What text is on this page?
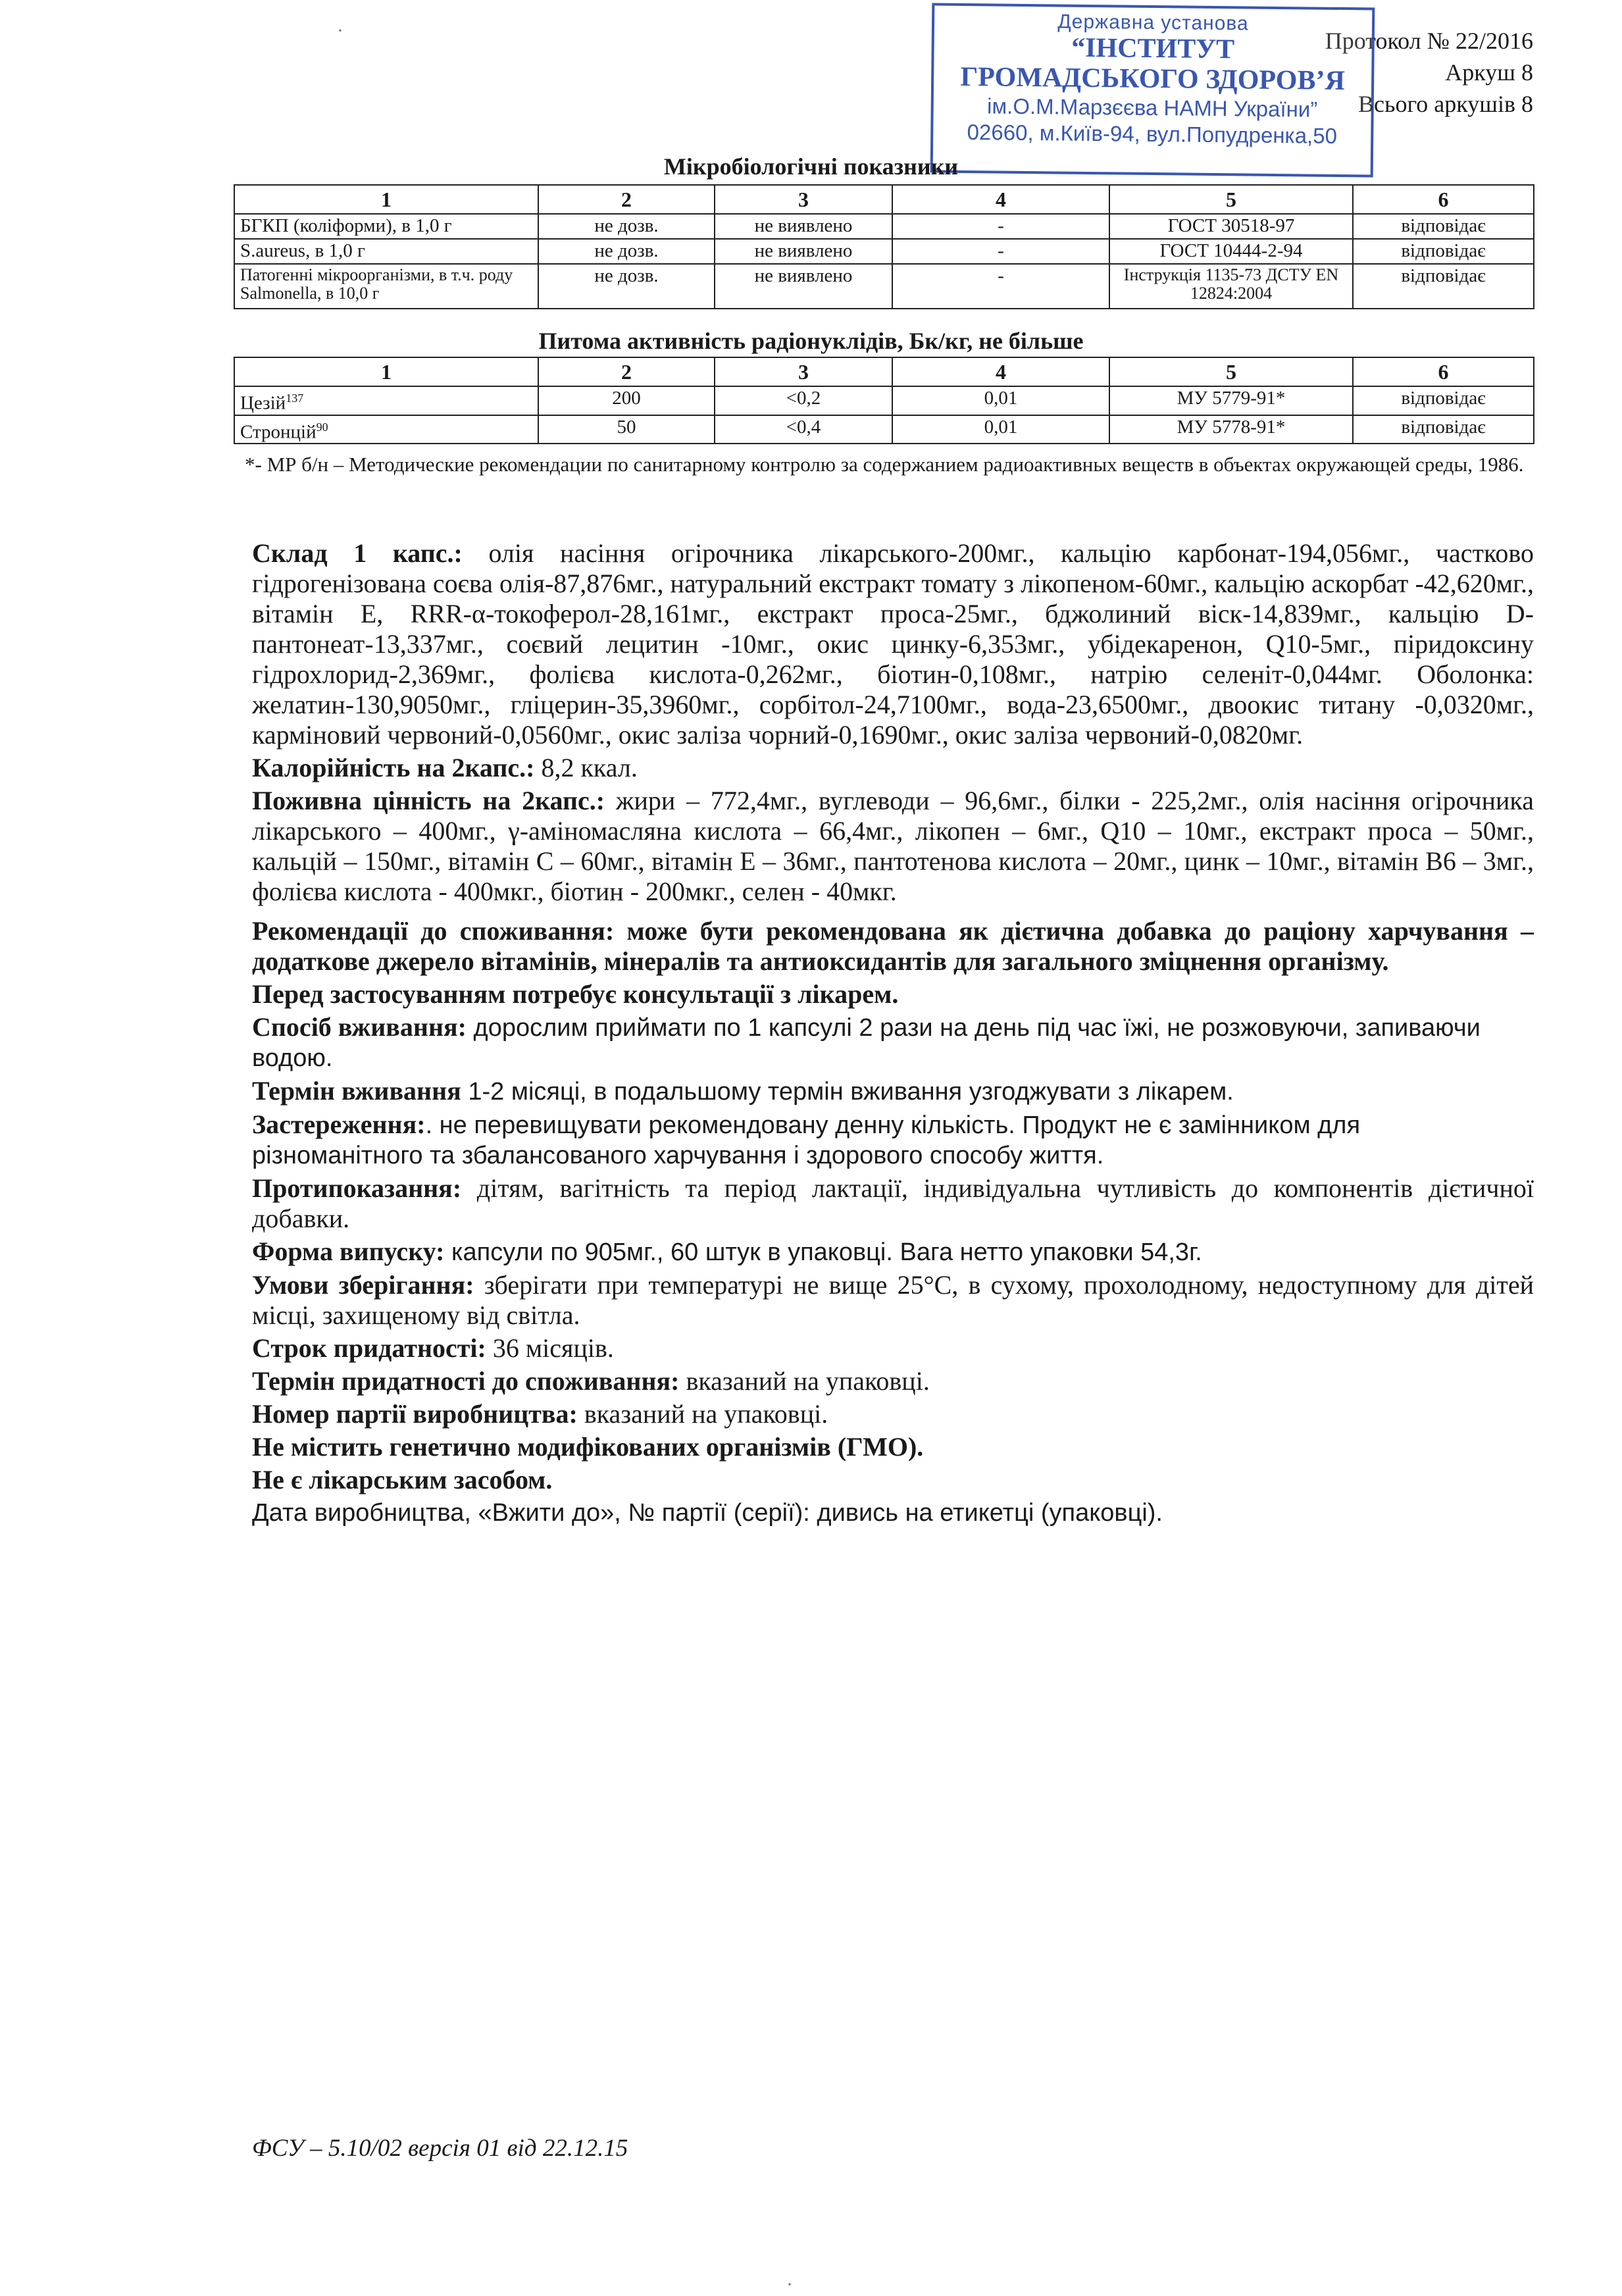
Протокол № 22/2016
Аркуш 8
Всього аркушів 8
Державна установа
“ІНСТИТУТ
ГРОМАДСЬКОГО ЗДОРОВ’Я
ім.О.М.Марзєєва НАМН України”
02660, м.Київ-94, вул.Попудренка,50
Мікробіологічні показники
1	2	3	4	5	6
БГКП (коліформи), в 1,0 г	не дозв.	не виявлено	-	ГОСТ 30518-97	відповідає
S.aureus, в 1,0 г	не дозв.	не виявлено	-	ГОСТ 10444-2-94	відповідає
Патогенні мікроорганізми, в т.ч. роду Salmonella, в 10,0 г	не дозв.	не виявлено	-	Інструкція 1135-73 ДСТУ EN 12824:2004	відповідає
Питома активність радіонуклідів, Бк/кг, не більше
1	2	3	4	5	6
Цезій$^{137}$	200	<0,2	0,01	МУ 5779-91*	відповідає
Стронцій$^{90}$	50	<0,4	0,01	МУ 5778-91*	відповідає
*- МР б/н – Методические рекомендации по санитарному контролю за содержанием радиоактивных веществ в объектах окружающей среды, 1986.

Склад 1 капс.: олія насіння огірочника лікарського-200мг., кальцію карбонат-194,056мг., частково гідрогенізована соєва олія-87,876мг., натуральний екстракт томату з лікопеном-60мг., кальцію аскорбат -42,620мг., вітамін E, RRR-α-токоферол-28,161мг., екстракт проса-25мг., бджолиний віск-14,839мг., кальцію D-пантонеат-13,337мг., соєвий лецитин -10мг., окис цинку-6,353мг., убідекаренон, Q10-5мг., піридоксину гідрохлорид-2,369мг., фолієва кислота-0,262мг., біотин-0,108мг., натрію селеніт-0,044мг. Оболонка: желатин-130,9050мг., гліцерин-35,3960мг., сорбітол-24,7100мг., вода-23,6500мг., двоокис титану -0,0320мг., карміновий червоний-0,0560мг., окис заліза чорний-0,1690мг., окис заліза червоний-0,0820мг.

Калорійність на 2капс.: 8,2 ккал.

Поживна цінність на 2капс.: жири – 772,4мг., вуглеводи – 96,6мг., білки - 225,2мг., олія насіння огірочника лікарського – 400мг., γ-аміномасляна кислота – 66,4мг., лікопен – 6мг., Q10 – 10мг., екстракт проса – 50мг., кальцій – 150мг., вітамін С – 60мг., вітамін Е – 36мг., пантотенова кислота – 20мг., цинк – 10мг., вітамін В6 – 3мг., фолієва кислота - 400мкг., біотин - 200мкг., селен - 40мкг.

Рекомендації до споживання: може бути рекомендована як дієтична добавка до раціону харчування – додаткове джерело вітамінів, мінералів та антиоксидантів для загального зміцнення організму.

Перед застосуванням потребує консультації з лікарем.

Спосіб вживання: дорослим приймати по 1 капсулі 2 рази на день під час їжі, не розжовуючи, запиваючи водою.

Термін вживання 1-2 місяці, в подальшому термін вживання узгоджувати з лікарем.

Застереження:. не перевищувати рекомендовану денну кількість. Продукт не є замінником для різноманітного та збалансованого харчування і здорового способу життя.

Протипоказання: дітям, вагітність та період лактації, індивідуальна чутливість до компонентів дієтичної добавки.

Форма випуску: капсули по 905мг., 60 штук в упаковці. Вага нетто упаковки 54,3г.

Умови зберігання: зберігати при температурі не вище 25°С, в сухому, прохолодному, недоступному для дітей місці, захищеному від світла.

Строк придатності: 36 місяців.

Термін придатності до споживання: вказаний на упаковці.

Номер партії виробництва: вказаний на упаковці.

Не містить генетично модифікованих організмів (ГМО).

Не є лікарським засобом.

Дата виробництва, «Вжити до», № партії (серії): дивись на етикетці (упаковці).

ФСУ – 5.10/02 версія 01 від 22.12.15
·
·
